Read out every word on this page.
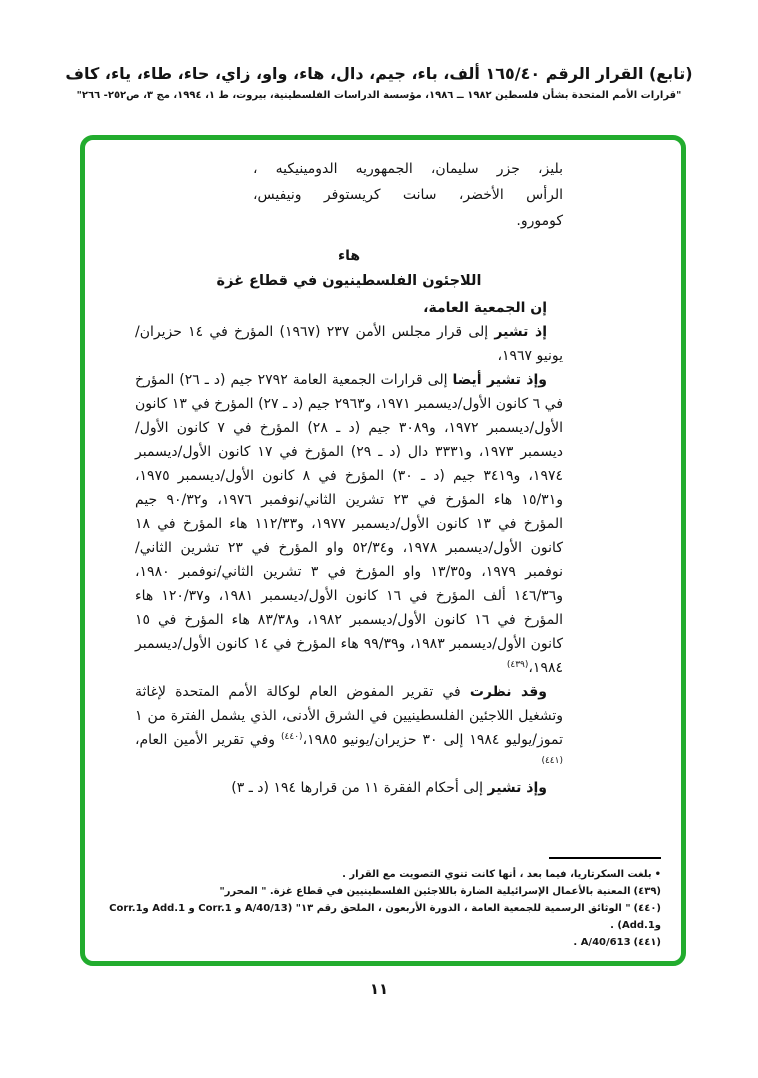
(تابع) القرار الرقم ١٦٥/٤٠ ألف، باء، جيم، دال، هاء، واو، زاي، حاء، طاء، ياء، كاف
"قرارات الأمم المتحدة بشأن فلسطين ١٩٨٢ ــ ١٩٨٦، مؤسسة الدراسات الفلسطينية، بيروت، ط ١، ١٩٩٤، مج ٣، ص٢٥٢- ٢٦٦"
بليز، جزر سليمان، الجمهوريه الدومينيكيه ،
الرأس الأخضر، سانت كريستوفر ونيفيس،
كومورو.
هاء
اللاجئون الفلسطينيون في قطاع غزة

إن الجمعية العامة،

إذ تشير إلى قرار مجلس الأمن ٢٣٧ (١٩٦٧) المؤرخ في ١٤ حزيران/يونيو ١٩٦٧،

وإذ تشير أيضا إلى قرارات الجمعية العامة ٢٧٩٢ جيم (د ـ ٢٦) المؤرخ في ٦ كانون الأول/ديسمبر ١٩٧١، و٢٩٦٣ جيم (د ـ ٢٧) المؤرخ في ١٣ كانون الأول/ديسمبر ١٩٧٢، و٣٠٨٩ جيم (د ـ ٢٨) المؤرخ في ٧ كانون الأول/ديسمبر ١٩٧٣، و٣٣٣١ دال (د ـ ٢٩) المؤرخ في ١٧ كانون الأول/ديسمبر ١٩٧٤، و٣٤١٩ جيم (د ـ ٣٠) المؤرخ في ٨ كانون الأول/ديسمبر ١٩٧٥، و١٥/٣١ هاء المؤرخ في ٢٣ تشرين الثاني/نوفمبر ١٩٧٦، و٩٠/٣٢ جيم المؤرخ في ١٣ كانون الأول/ديسمبر ١٩٧٧، و١١٢/٣٣ هاء المؤرخ في ١٨ كانون الأول/ديسمبر ١٩٧٨، و٥٢/٣٤ واو المؤرخ في ٢٣ تشرين الثاني/نوفمبر ١٩٧٩، و١٣/٣٥ واو المؤرخ في ٣ تشرين الثاني/نوفمبر ١٩٨٠، و١٤٦/٣٦ ألف المؤرخ في ١٦ كانون الأول/ديسمبر ١٩٨١، و١٢٠/٣٧ هاء المؤرخ في ١٦ كانون الأول/ديسمبر ١٩٨٢، و٨٣/٣٨ هاء المؤرخ في ١٥ كانون الأول/ديسمبر ١٩٨٣، و٩٩/٣٩ هاء المؤرخ في ١٤ كانون الأول/ديسمبر ١٩٨٤،$^{(٤٣٩)}$

وقد نظرت في تقرير المفوض العام لوكالة الأمم المتحدة لإغاثة وتشغيل اللاجئين الفلسطينيين في الشرق الأدنى، الذي يشمل الفترة من ١ تموز/يوليو ١٩٨٤ إلى ٣٠ حزيران/يونيو ١٩٨٥،$^{(٤٤٠)}$ وفي تقرير الأمين العام،$^{(٤٤١)}$

وإذ تشير إلى أحكام الفقرة ١١ من قرارها ١٩٤ (د ـ ٣)

•بلغت السكرتاريا، فيما بعد ، أنها كانت تنوي التصويت مع القرار .
(٤٣٩)المعنية بالأعمال الإسرائيلية الضارة باللاجئين الفلسطينيين في قطاع غزة. " المحرر"
(٤٤٠)" الوثائق الرسمية للجمعية العامة ، الدورة الأربعون ، الملحق رقم ١٣" (A/40/13 و Corr.1 و Add.1 وCorr.1 وAdd.1) .
(٤٤١)A/40/613 .
١١
